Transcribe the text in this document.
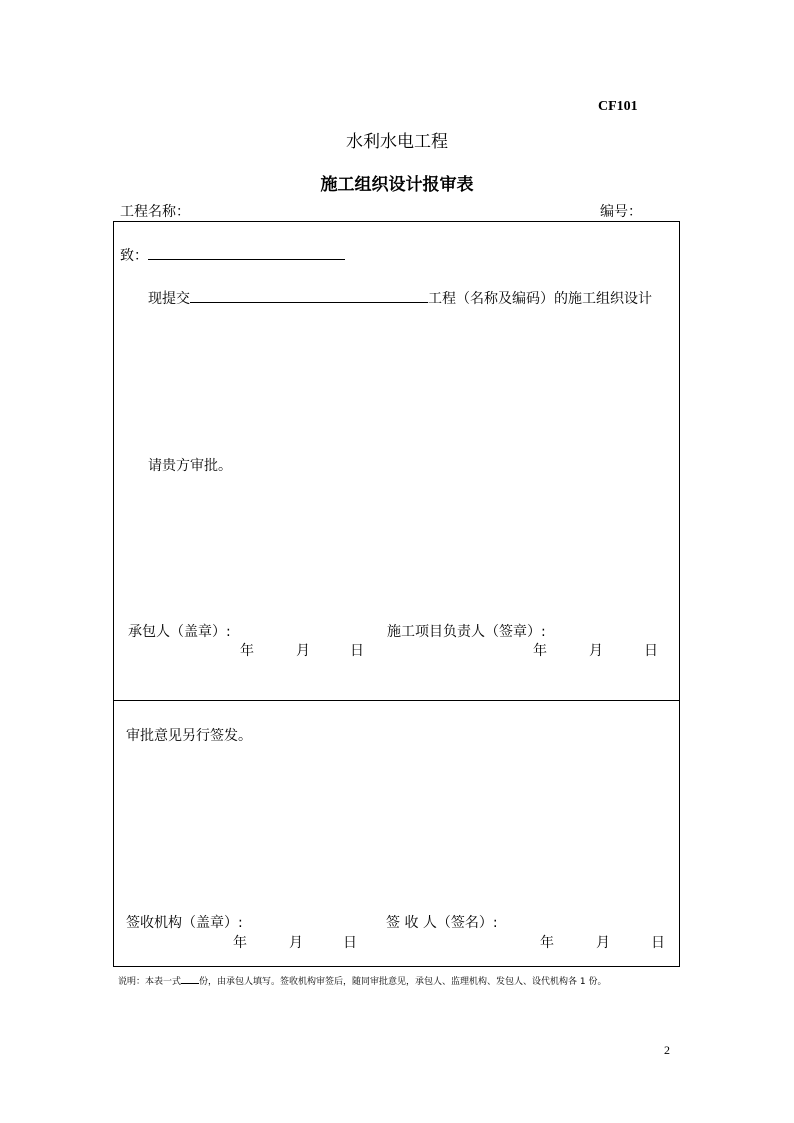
CF101
水利水电工程
施工组织设计报审表
工程名称：	编号：
致：
现提交	工程（名称及编码）的施工组织设计
请贵方审批。
承包人（盖章）:	施工项目负责人（签章）:
年	月	日	年	月	日
审批意见另行签发。
签收机构（盖章）:	签 收 人（签名）:
年	月	日	年	月	日
说明：本表一式 份，由承包人填写。签收机构审签后，随同审批意见，承包人、监理机构、发包人、设代机构各 1 份。
2
